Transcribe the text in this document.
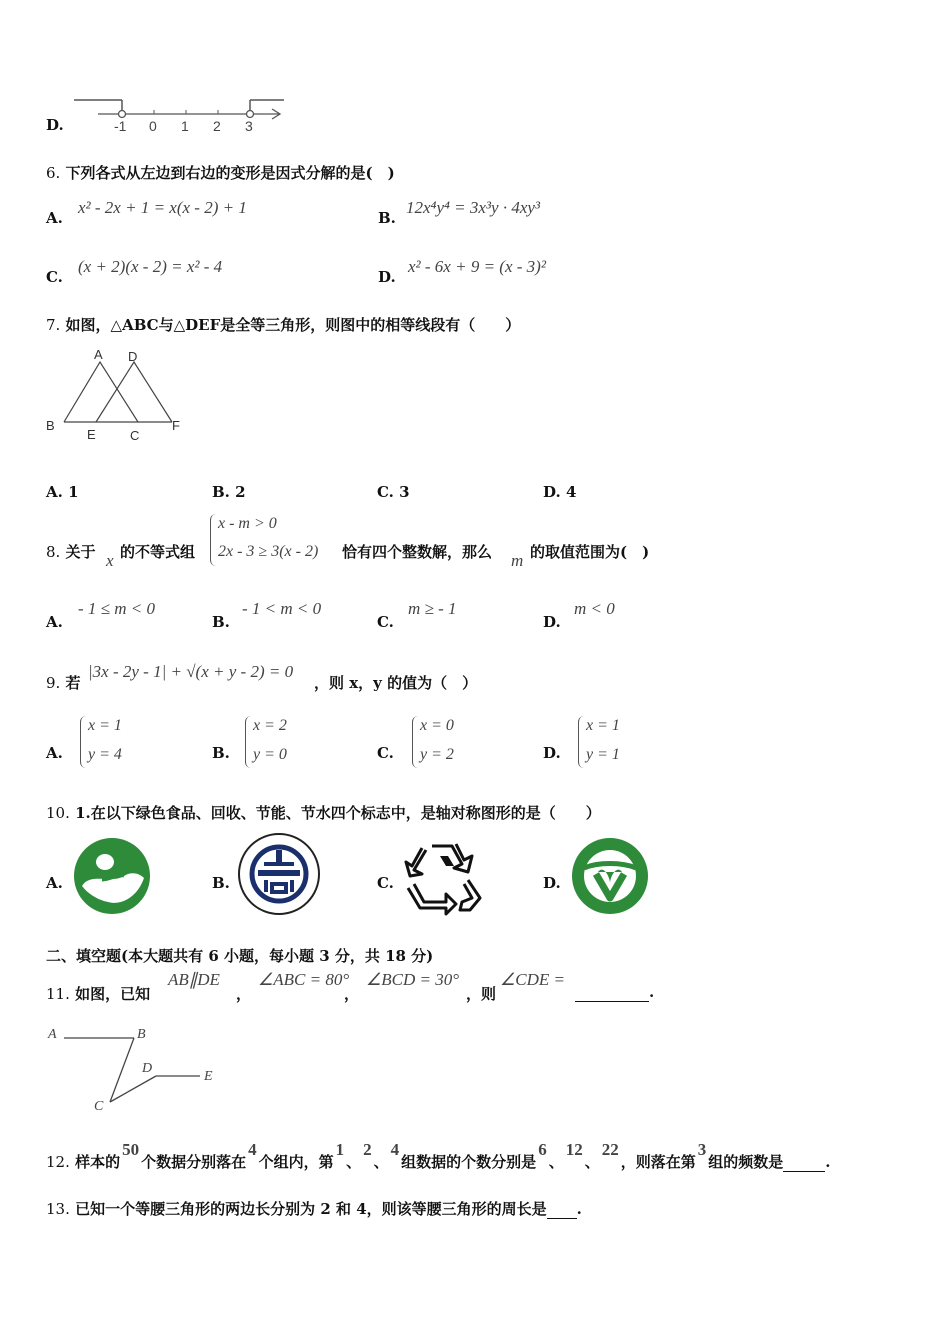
D.	-1 0 1 2 3
6. 下列各式从左边到右边的变形是因式分解的是(　)
A.
x² - 2x + 1 = x(x - 2) + 1
B.
12x⁴y⁴ = 3x³y · 4xy³
C.
(x + 2)(x - 2) = x² - 4
D.
x² - 6x + 9 = (x - 3)²
7. 如图，△ABC与△DEF是全等三角形，则图中的相等线段有（　　）
A D
B
E	C
F
A. 1	B. 2	C. 3	D. 4
8. 关于 x 的不等式组
x - m > 0
2x - 3 ≥ 3(x - 2) 恰有四个整数解，那么 m 的取值范围为(　)
A.
- 1 ≤ m < 0
B.
- 1 < m < 0
C.
m ≥ - 1
D.
m < 0
9. 若
|3x - 2y - 1| + √(x + y - 2) = 0
，则 x，y 的值为（　）
A.
x = 1
y = 4	B.
x = 2
y = 0	C.
x = 0
y = 2	D.
x = 1
y = 1
10. 1.在以下绿色食品、回收、节能、节水四个标志中，是轴对称图形的是（　　）
A.	B.	C.	D.
二、填空题(本大题共有 6 小题，每小题 3 分，共 18 分)
11. 如图，已知
AB∥DE
，
∠ABC = 80°
，
∠BCD = 30°
，则
∠CDE =
.
A	B
C
D
E
12. 样本的50个数据分别落在4个组内，第1、2、4组数据的个数分别是6、12、22，则落在第3组的频数是	.
13. 已知一个等腰三角形的两边长分别为 2 和 4，则该等腰三角形的周长是 .
